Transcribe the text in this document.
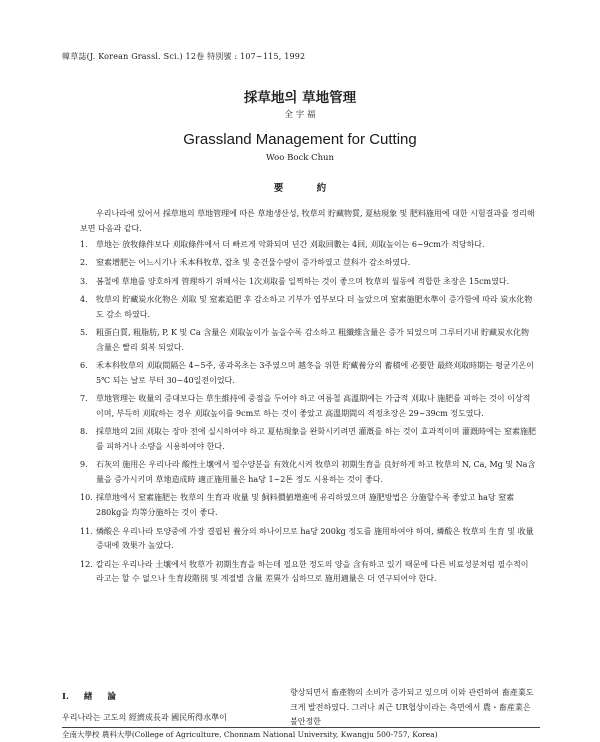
韓草誌(J. Korean Grassl. Sci.) 12卷 特別號 : 107∼115, 1992
採草地의 草地管理
全 宇 福
Grassland Management for Cutting
Woo Bock Chun
要 約
우리나라에 있어서 採草地의 草地管理에 따른 草地생산성, 牧草의 貯藏物質, 夏枯現象 및 肥料施用에 대한 시험결과를 정리해 보면 다음과 같다.
1. 草地는 放牧條件보다 刈取條件에서 더 빠르게 악화되며 년간 刈取回數는 4回, 刈取높이는 6∼9cm가 적당하다.
2. 窒素增肥는 어느시기나 禾本科牧草, 잡초 및 총건물수량이 증가하였고 荳科가 감소하였다.
3. 봄철에 草地를 양호하게 管理하기 위해서는 1次刈取를 일찍하는 것이 좋으며 牧草의 월동에 적합한 초장은 15cm였다.
4. 牧草의 貯藏炭水化物은 刈取 및 窒素追肥 후 감소하고 기부가 엽부보다 더 높았으며 窒素施肥水準이 증가함에 따라 炭水化物도 감소 하였다.
5. 粗蛋白質, 粗脂肪, P, K 및 Ca 含量은 刈取높이가 높을수록 감소하고 粗纖維含量은 증가 되었으며 그루터기내 貯藏炭水化物含量은 빨리 회복 되었다.
6. 禾本科牧草의 刈取間隔은 4∼5주, 종과목초는 3주였으며 越冬을 위한 貯藏養分의 蓄積에 必要한 最終刈取時期는 평균기온이 5℃ 되는 날로 부터 30∼40일전이었다.
7. 草地管理는 收量의 증대보다는 草生維持에 중점을 두어야 하고 여름철 高溫期에는 가급적 刈取나 施肥를 피하는 것이 이상적이며, 부득히 刈取하는 경우 刈取높이를 9cm로 하는 것이 좋았고 高溫期間의 적정초장은 29∼39cm 정도였다.
8. 採草地의 2回 刈取는 장마 전에 실시하여야 하고 夏枯現象을 완화시키려면 灌漑를 하는 것이 효과적이며 灌漑時에는 窒素施肥를 피하거나 소량을 시용하여야 한다.
9. 石灰의 施用은 우리나라 酸性土壤에서 필수양분을 有效化시켜 牧草의 初期生育을 良好하게 하고 牧草의 N, Ca, Mg 및 Na含量을 증가시키며 草地造成時 適正施用量은 ha당 1∼2톤 정도 시용하는 것이 좋다.
10. 採草地에서 窒素施肥는 牧草의 生育과 收量 및 飼料價値增進에 유리하였으며 施肥방법은 分施할수록 좋았고 ha당 窒素 280kg을 均等分施하는 것이 좋다.
11. 燐酸은 우리나라 토양중에 가장 결핍된 養分의 하나이므로 ha당 200kg 정도를 施用하여야 하며, 燐酸은 牧草의 生育 및 收量 증대에 效果가 높았다.
12. 칼리는 우리나라 土壤에서 牧草가 初期生育을 하는데 필요한 정도의 양을 含有하고 있기 때문에 다른 비료성분처럼 필수적이라고는 할 수 없으나 生育段階別 및 계절별 含量 差異가 심하므로 施用適量은 더 연구되어야 한다.
I. 緖 論
우리나라는 고도의 經濟成長과 國民所得水準이
향상되면서 畜產物의 소비가 증가되고 있으며 이와 관련하여 畜產業도 크게 발전하였다. 그러나 최근 UR협상이라는 측면에서 農・畜産業은 불안정한
全南大學校 農科大學(College of Agriculture, Chonnam National University, Kwangju 500-757, Korea)
